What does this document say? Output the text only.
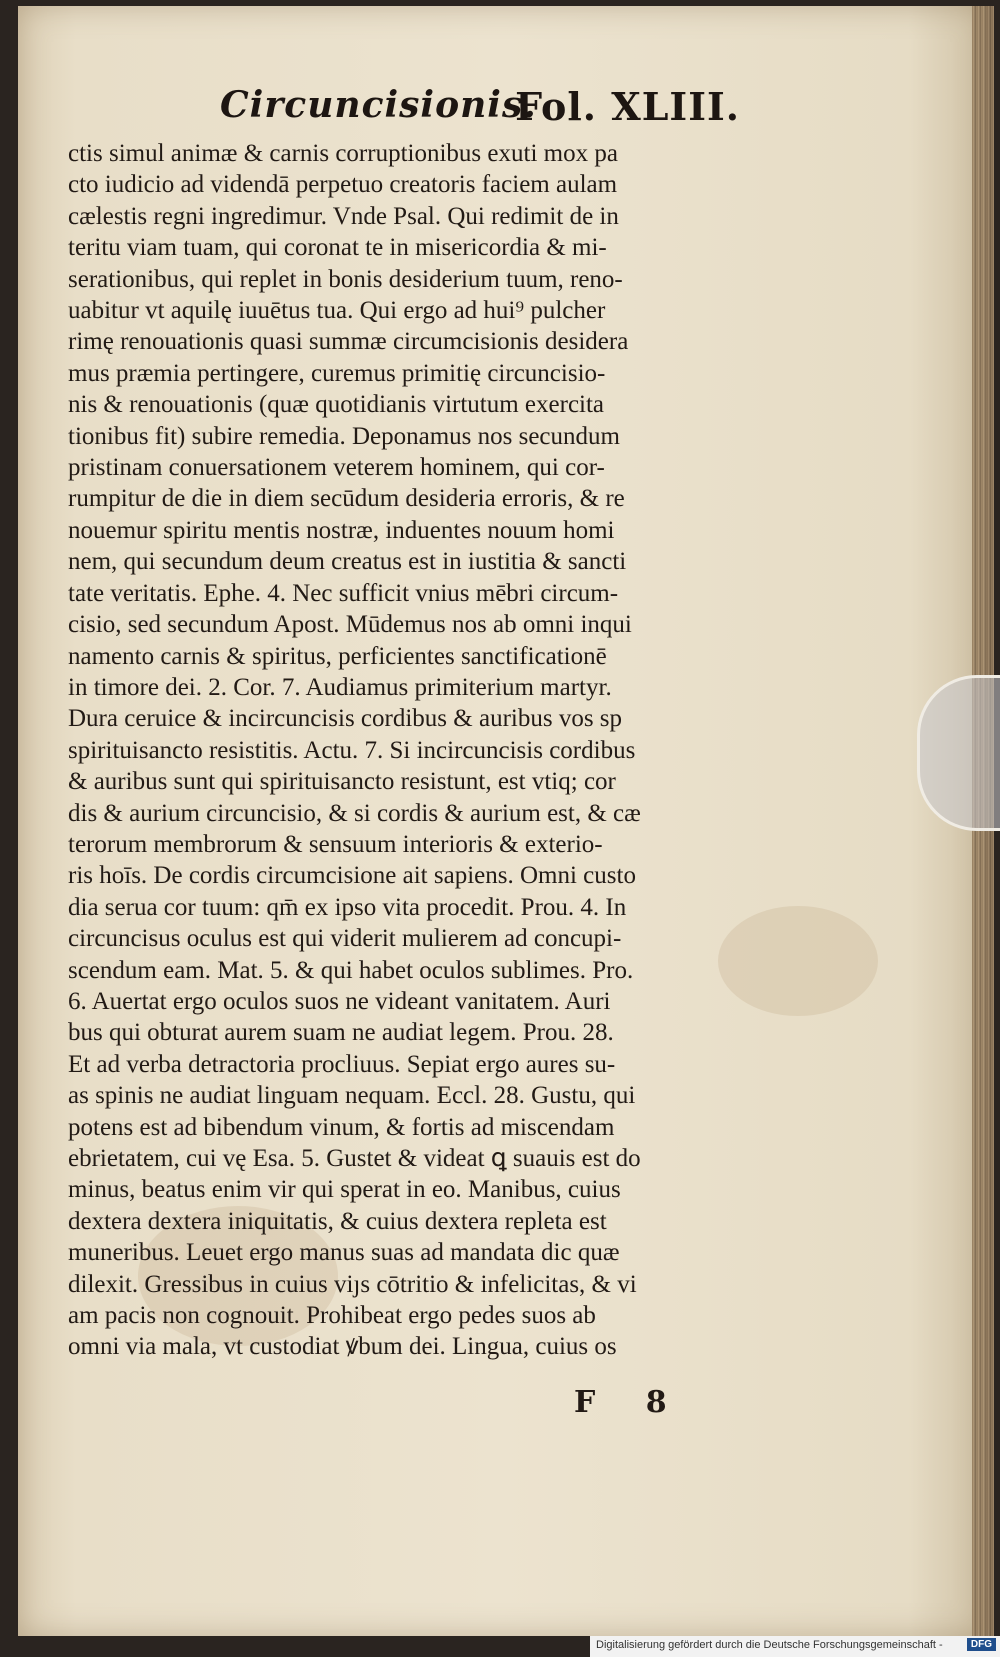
Circuncisionis.
Fol. XLIII.
ctis simul animæ & carnis corruptionibus exuti mox pa
cto iudicio ad videndā perpetuo creatoris faciem aulam
cælestis regni ingredimur. Vnde Psal. Qui redimit de in
teritu viam tuam, qui coronat te in misericordia & mi-
serationibus, qui replet in bonis desiderium tuum, reno-
uabitur vt aquilę iuuētus tua. Qui ergo ad hui⁹ pulcher
rimę renouationis quasi summæ circumcisionis desidera
mus præmia pertingere, curemus primitię circuncisio-
nis & renouationis (quæ quotidianis virtutum exercita
tionibus fit) subire remedia. Deponamus nos secundum
pristinam conuersationem veterem hominem, qui cor-
rumpitur de die in diem secūdum desideria erroris, & re
nouemur spiritu mentis nostræ, induentes nouum homi
nem, qui secundum deum creatus est in iustitia & sancti
tate veritatis. Ephe. 4. Nec sufficit vnius mēbri circum-
cisio, sed secundum Apost. Mūdemus nos ab omni inqui
namento carnis & spiritus, perficientes sanctificationē
in timore dei. 2. Cor. 7. Audiamus primiterium martyr.
Dura ceruice & incircuncisis cordibus & auribus vos sp
spirituisancto resistitis. Actu. 7. Si incircuncisis cordibus
& auribus sunt qui spirituisancto resistunt, est vtiq; cor
dis & aurium circuncisio, & si cordis & aurium est, & cæ
terorum membrorum & sensuum interioris & exterio-
ris hoīs. De cordis circumcisione ait sapiens. Omni custo
dia serua cor tuum: qm̄ ex ipso vita procedit. Prou. 4. In
circuncisus oculus est qui viderit mulierem ad concupi-
scendum eam. Mat. 5. & qui habet oculos sublimes. Pro.
6. Auertat ergo oculos suos ne videant vanitatem. Auri
bus qui obturat aurem suam ne audiat legem. Prou. 28.
Et ad verba detractoria procliuus. Sepiat ergo aures su-
as spinis ne audiat linguam nequam. Eccl. 28. Gustu, qui
potens est ad bibendum vinum, & fortis ad miscendam
ebrietatem, cui vę Esa. 5. Gustet & videat ꝗ suauis est do
minus, beatus enim vir qui sperat in eo. Manibus, cuius
dextera dextera iniquitatis, & cuius dextera repleta est
muneribus. Leuet ergo manus suas ad mandata dic quæ
dilexit. Gressibus in cuius viȷs cōtritio & infelicitas, & vi
am pacis non cognouit. Prohibeat ergo pedes suos ab
omni via mala, vt custodiat ꝟbum dei. Lingua, cuius os
F 8
Digitalisierung gefördert durch die Deutsche Forschungsgemeinschaft -	DFG
